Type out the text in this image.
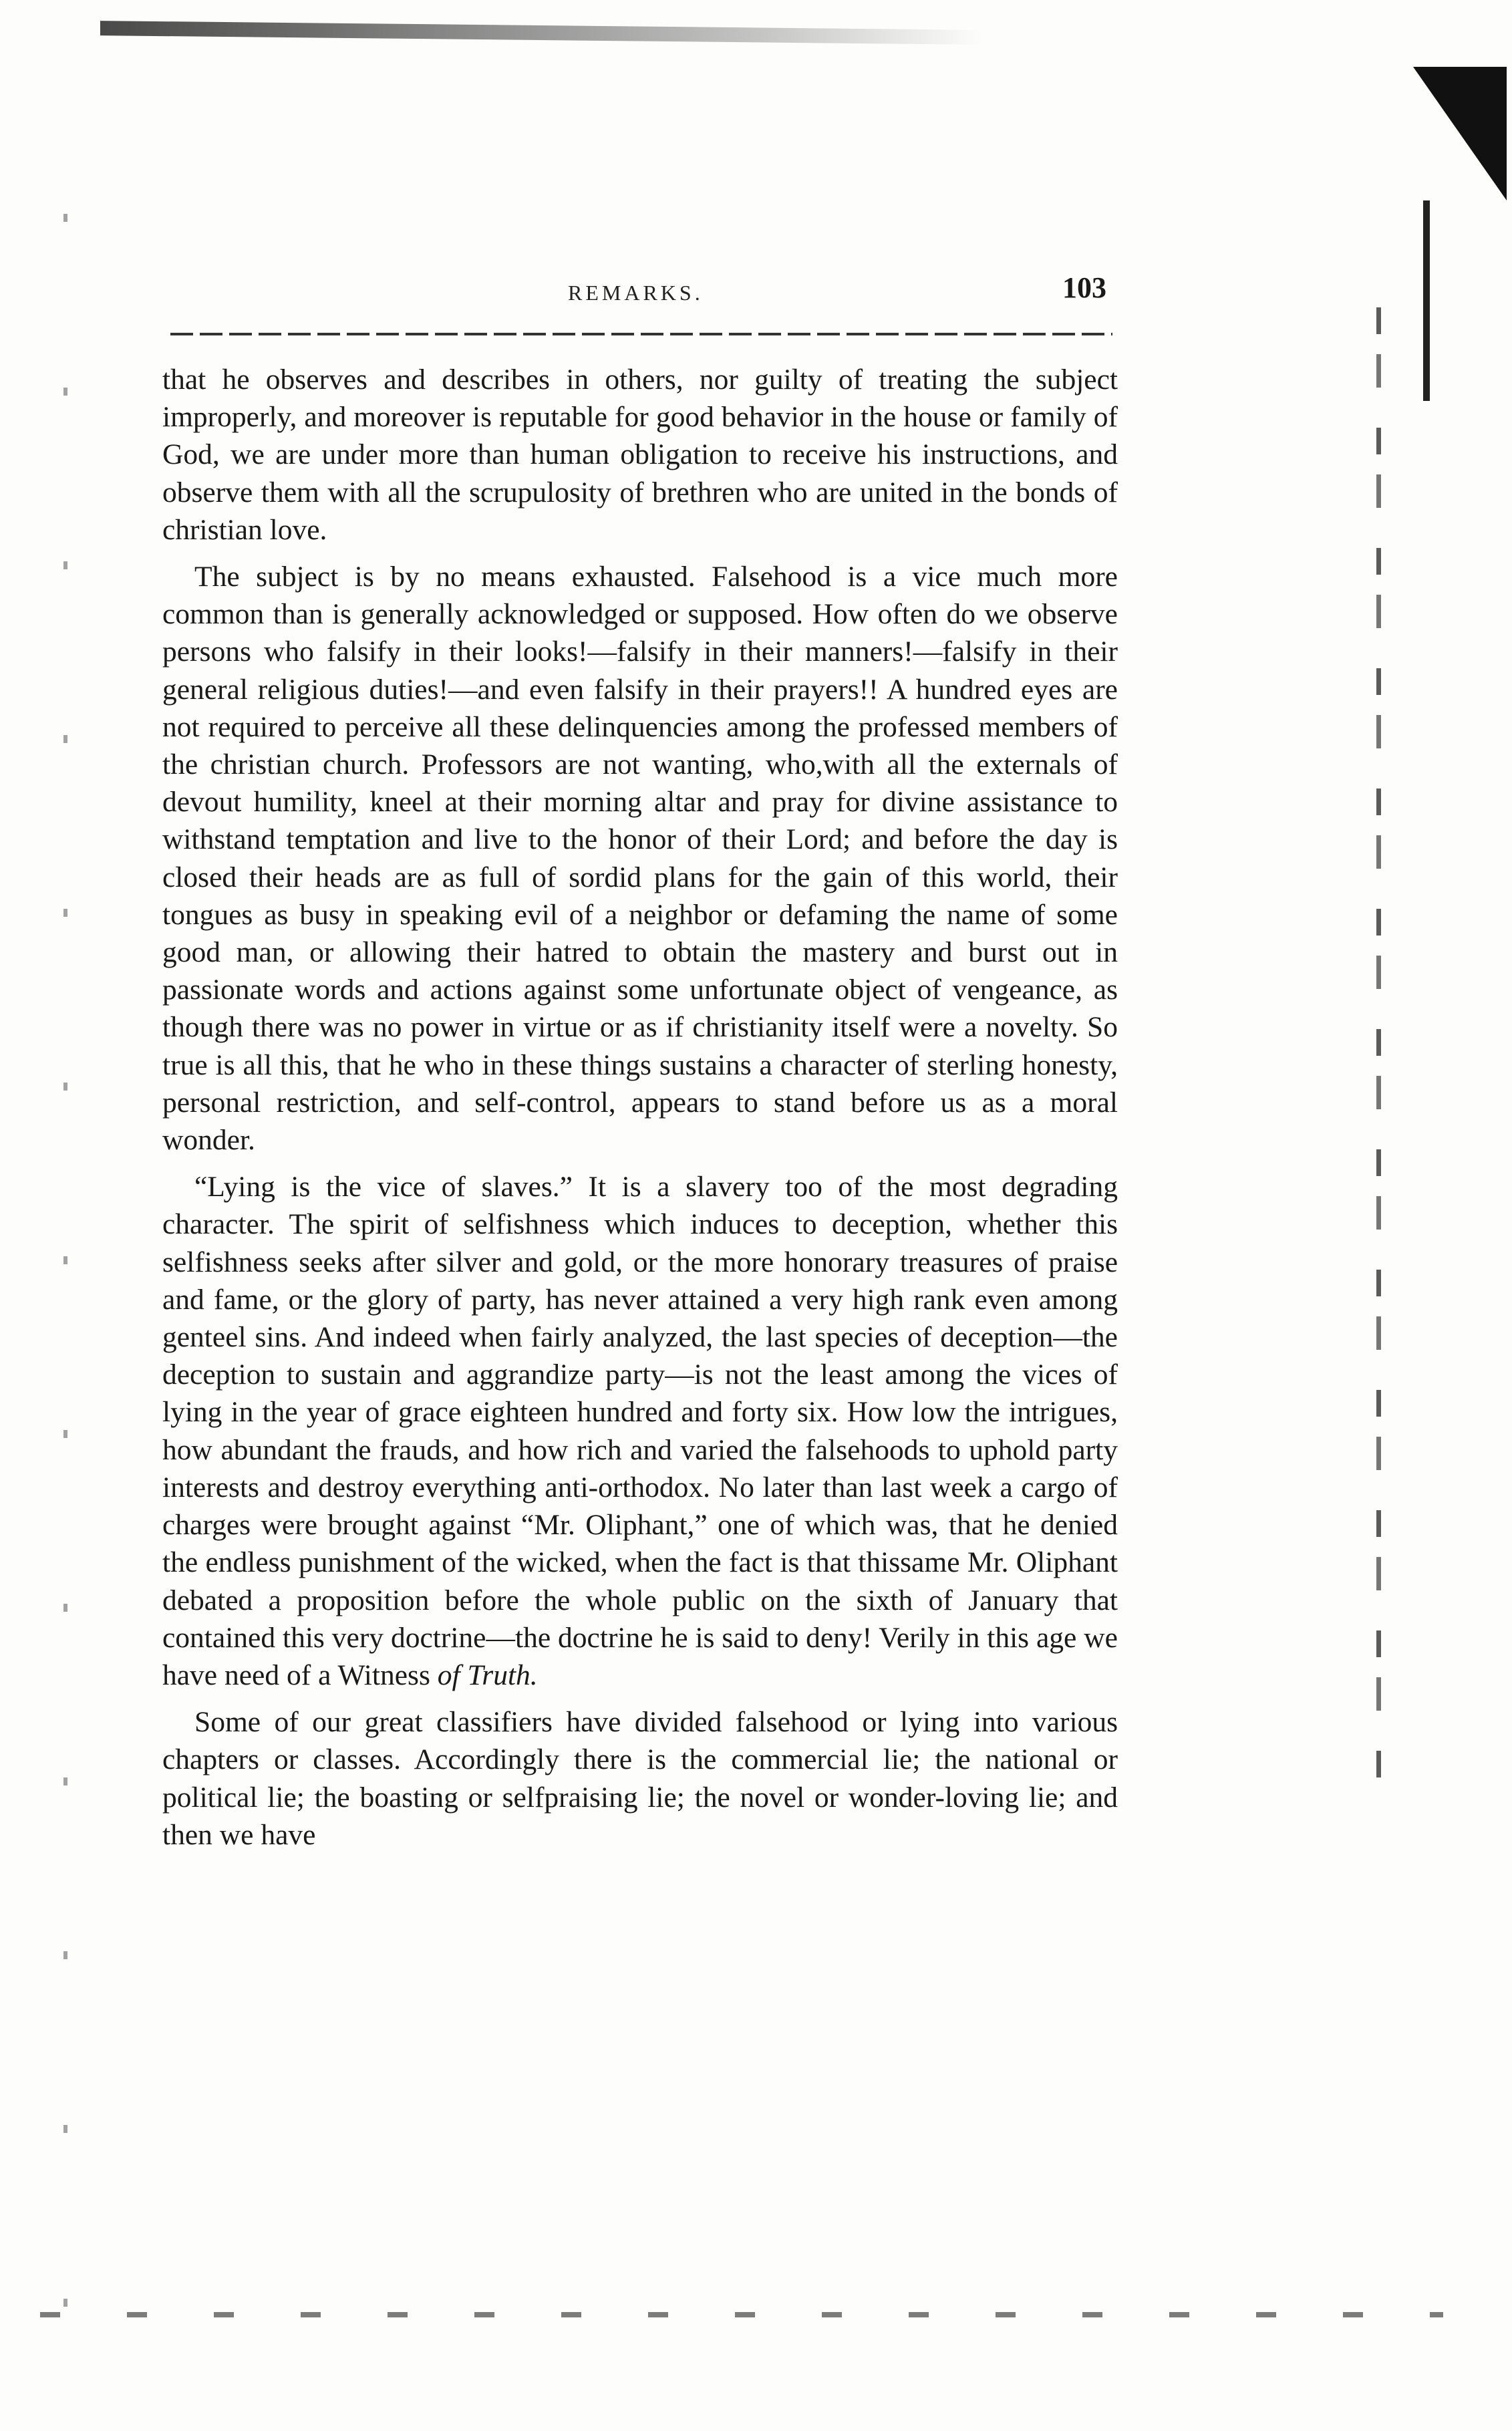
REMARKS.	103

that he observes and describes in others, nor guilty of treating the subject improperly, and moreover is reputable for good behavior in the house or family of God, we are under more than human obligation to receive his instructions, and observe them with all the scrupulosity of brethren who are united in the bonds of christian love.

The subject is by no means exhausted. Falsehood is a vice much more common than is generally acknowledged or supposed. How often do we observe persons who falsify in their looks!—falsify in their manners!—falsify in their general religious duties!—and even falsify in their prayers!! A hundred eyes are not required to perceive all these delinquencies among the professed members of the christian church. Professors are not wanting, who,with all the externals of devout humility, kneel at their morning altar and pray for divine assistance to withstand temptation and live to the honor of their Lord; and before the day is closed their heads are as full of sordid plans for the gain of this world, their tongues as busy in speaking evil of a neighbor or defaming the name of some good man, or allowing their hatred to obtain the mastery and burst out in passionate words and actions against some unfortunate object of vengeance, as though there was no power in virtue or as if christianity itself were a novelty. So true is all this, that he who in these things sustains a character of sterling honesty, personal restriction, and self-control, appears to stand before us as a moral wonder.

“Lying is the vice of slaves.” It is a slavery too of the most degrading character. The spirit of selfishness which induces to deception, whether this selfishness seeks after silver and gold, or the more honorary treasures of praise and fame, or the glory of party, has never attained a very high rank even among genteel sins. And indeed when fairly analyzed, the last species of deception—the deception to sustain and aggrandize party—is not the least among the vices of lying in the year of grace eighteen hundred and forty six. How low the intrigues, how abundant the frauds, and how rich and varied the falsehoods to uphold party interests and destroy everything anti-orthodox. No later than last week a cargo of charges were brought against “Mr. Oliphant,” one of which was, that he denied the endless punishment of the wicked, when the fact is that thissame Mr. Oliphant debated a proposition before the whole public on the sixth of January that contained this very doctrine—the doctrine he is said to deny! Verily in this age we have need of a Witness of Truth.

Some of our great classifiers have divided falsehood or lying into various chapters or classes. Accordingly there is the commercial lie; the national or political lie; the boasting or selfpraising lie; the novel or wonder-loving lie; and then we have
